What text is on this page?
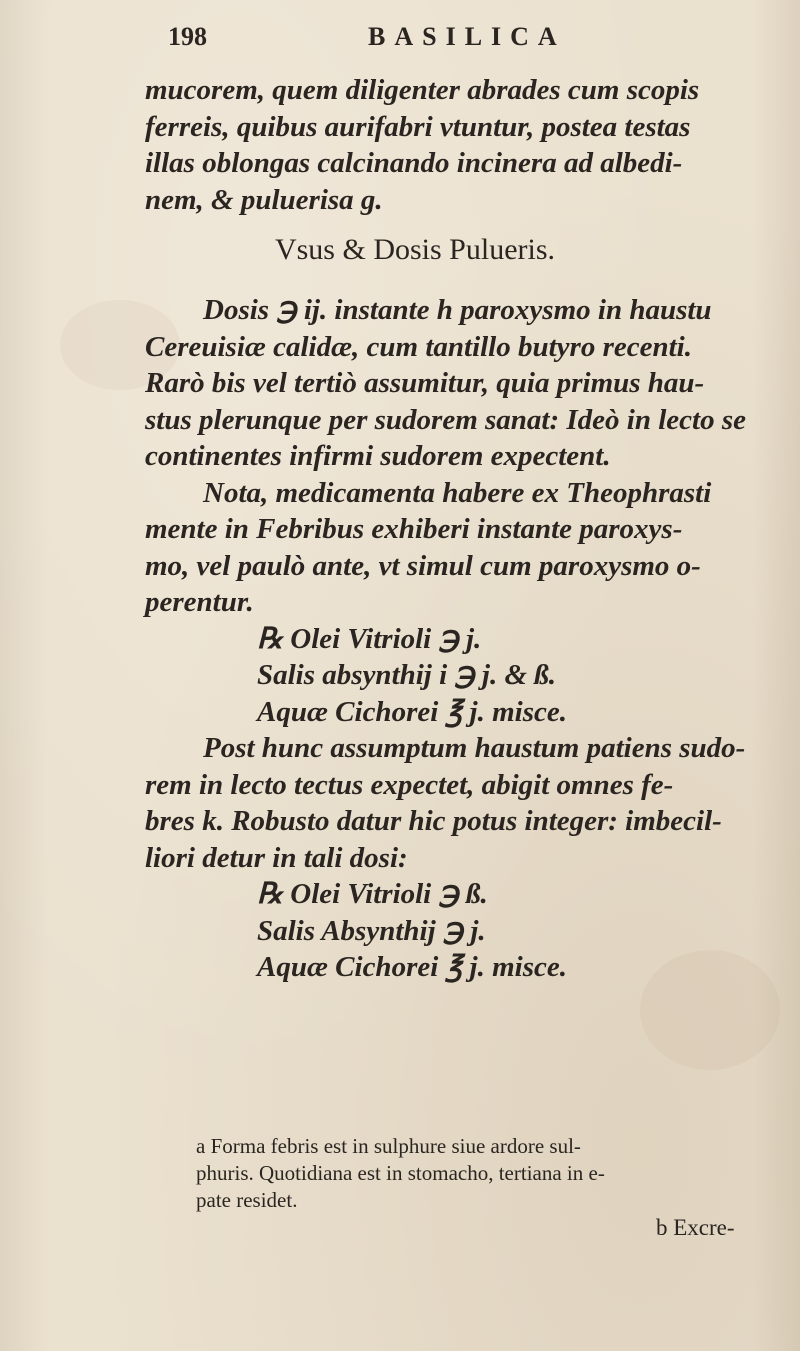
198	BASILICA
mucorem, quem diligenter abrades cum scopis
ferreis, quibus aurifabri vtuntur, postea testas
illas oblongas calcinando incinera ad albedi-
nem, & puluerisa g.
Vsus & Dosis Pulueris.
Dosis ℈ ij. instante h paroxysmo in haustu
Cereuisiæ calidæ, cum tantillo butyro recenti.
Rarò bis vel tertiò assumitur, quia primus hau-
stus plerunque per sudorem sanat: Ideò in lecto se
continentes infirmi sudorem expectent.
Nota, medicamenta habere ex Theophrasti
mente in Febribus exhiberi instante paroxys-
mo, vel paulò ante, vt simul cum paroxysmo o-
perentur.
℞ Olei Vitrioli ℈ j.
Salis absynthij i ℈ j. & ß.
Aquæ Cichorei ℥ j. misce.
Post hunc assumptum haustum patiens sudo-
rem in lecto tectus expectet, abigit omnes fe-
bres k. Robusto datur hic potus integer: imbecil-
liori detur in tali dosi:
℞ Olei Vitrioli ℈ ß.
Salis Absynthij ℈ j.
Aquæ Cichorei ℥ j. misce.
a Forma febris est in sulphure siue ardore sul-
phuris. Quotidiana est in stomacho, tertiana in e-
pate residet.
b Excre-
